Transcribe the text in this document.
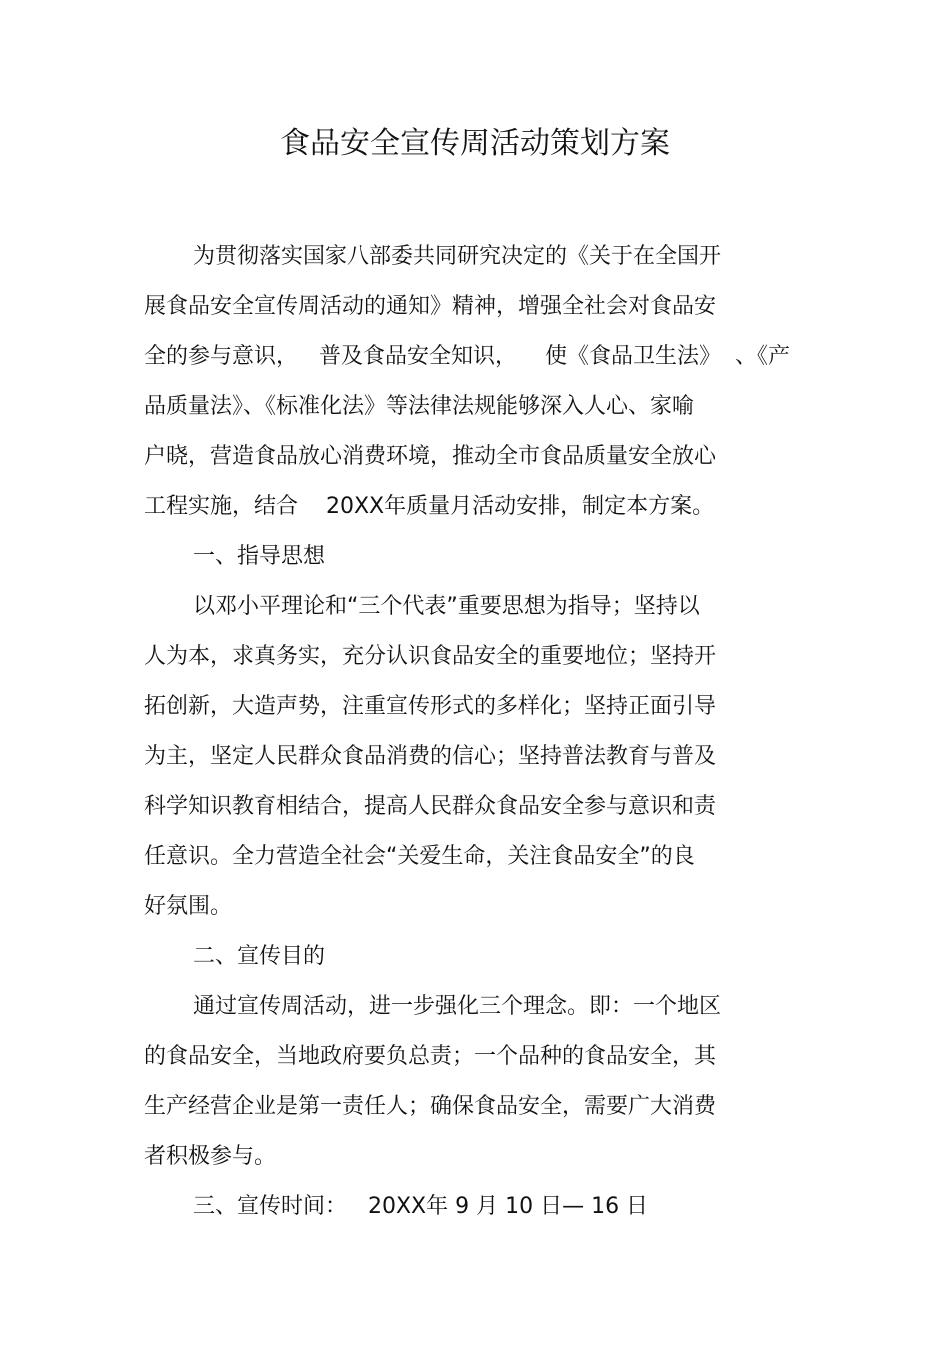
食品安全宣传周活动策划方案
为贯彻落实国家八部委共同研究决定的《关于在全国开
展食品安全宣传周活动的通知》精神，增强全社会对食品安
全的参与意识，   普及食品安全知识，    使《食品卫生法》  、《产
品质量法》、《标准化法》等法律法规能够深入人心、家喻
户晓，营造食品放心消费环境，推动全市食品质量安全放心
工程实施，结合    20XX年质量月活动安排，制定本方案。
一、指导思想
以邓小平理论和“三个代表”重要思想为指导；坚持以
人为本，求真务实，充分认识食品安全的重要地位；坚持开
拓创新，大造声势，注重宣传形式的多样化；坚持正面引导
为主，坚定人民群众食品消费的信心；坚持普法教育与普及
科学知识教育相结合，提高人民群众食品安全参与意识和责
任意识。全力营造全社会“关爱生命，关注食品安全”的良
好氛围。
二、宣传目的
通过宣传周活动，进一步强化三个理念。即：一个地区
的食品安全，当地政府要负总责；一个品种的食品安全，其
生产经营企业是第一责任人；确保食品安全，需要广大消费
者积极参与。
三、宣传时间：   20XX年 9 月 10 日— 16 日
